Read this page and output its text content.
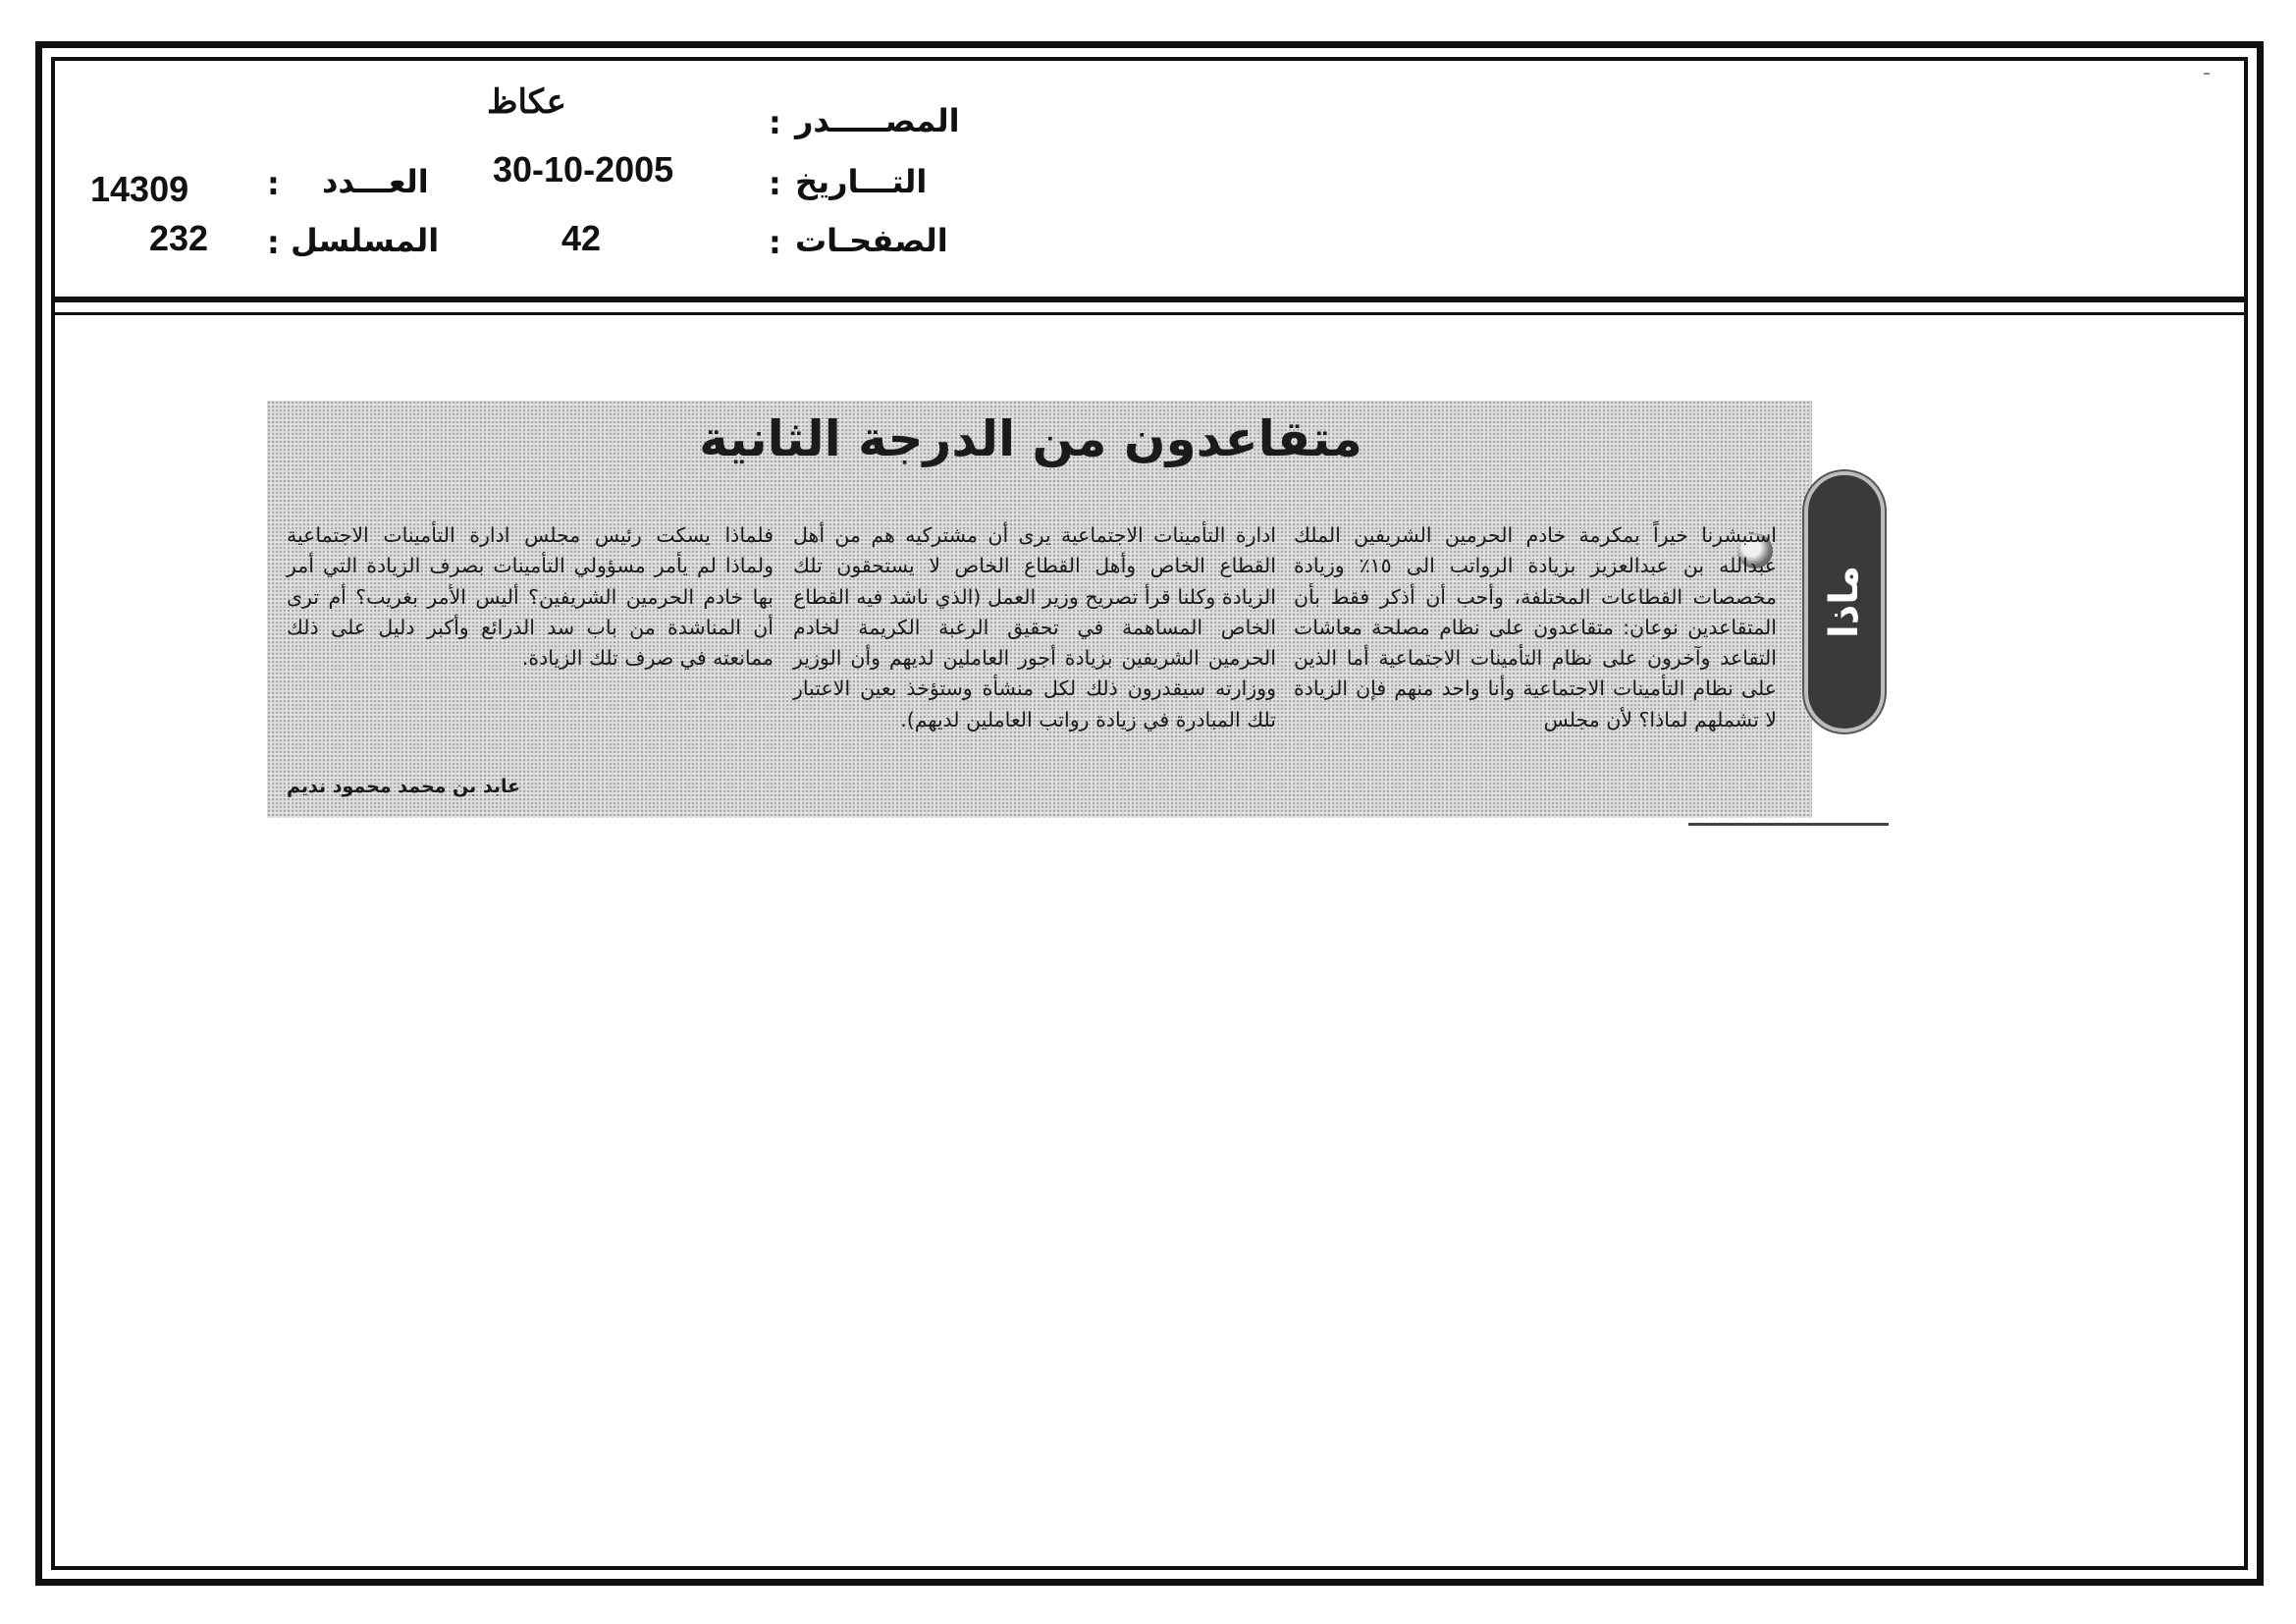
المصـــــدر
:
عكاظ
التـــاريخ
:
30-10-2005
الصفحـات
:
42
العـــدد
:
14309
المسلسل
:
232
متقاعدون من الدرجة الثانية
ماذا
استبشرنا خيراً بمكرمة خادم الحرمين الشريفين الملك عبدالله بن عبدالعزيز بزيادة الرواتب الى ١٥٪ وزيادة مخصصات القطاعات المختلفة، وأحب أن أذكر فقط بأن المتقاعدين نوعان: متقاعدون على نظام مصلحة معاشات التقاعد وآخرون على نظام التأمينات الاجتماعية أما الذين على نظام التأمينات الاجتماعية وأنا واحد منهم فإن الزيادة لا تشملهم لماذا؟ لأن مجلس
ادارة التأمينات الاجتماعية يرى أن مشتركيه هم من أهل القطاع الخاص وأهل القطاع الخاص لا يستحقون تلك الزيادة وكلنا قرأ تصريح وزير العمل (الذي ناشد فيه القطاع الخاص المساهمة في تحقيق الرغبة الكريمة لخادم الحرمين الشريفين بزيادة أجور العاملين لديهم وأن الوزير ووزارته سيقدرون ذلك لكل منشأة وستؤخذ بعين الاعتبار تلك المبادرة في زيادة رواتب العاملين لديهم).
فلماذا يسكت رئيس مجلس ادارة التأمينات الاجتماعية ولماذا لم يأمر مسؤولي التأمينات بصرف الزيادة التي أمر بها خادم الحرمين الشريفين؟ أليس الأمر بغريب؟ أم ترى أن المناشدة من باب سد الذرائع وأكبر دليل على ذلك ممانعته في صرف تلك الزيادة.
عابد بن محمد محمود نديم
